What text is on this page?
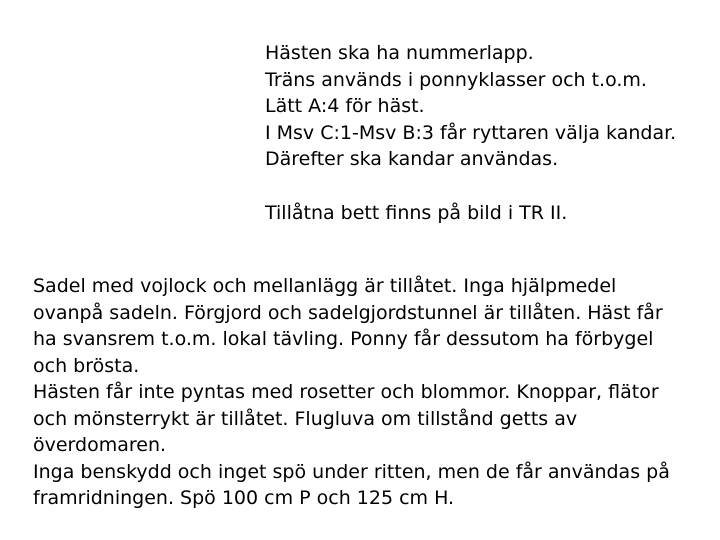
Hästen ska ha nummerlapp.
Träns används i ponnyklasser och t.o.m.
Lätt A:4 för häst.
I Msv C:1-Msv B:3 får ryttaren välja kandar.
Därefter ska kandar användas.
Tillåtna bett finns på bild i TR II.
Sadel med vojlock och mellanlägg är tillåtet. Inga hjälpmedel
ovanpå sadeln. Förgjord och sadelgjordstunnel är tillåten. Häst får
ha svansrem t.o.m. lokal tävling. Ponny får dessutom ha förbygel
och brösta.
Hästen får inte pyntas med rosetter och blommor. Knoppar, flätor
och mönsterrykt är tillåtet. Flugluva om tillstånd getts av
överdomaren.
Inga benskydd och inget spö under ritten, men de får användas på
framridningen. Spö 100 cm P och 125 cm H.
